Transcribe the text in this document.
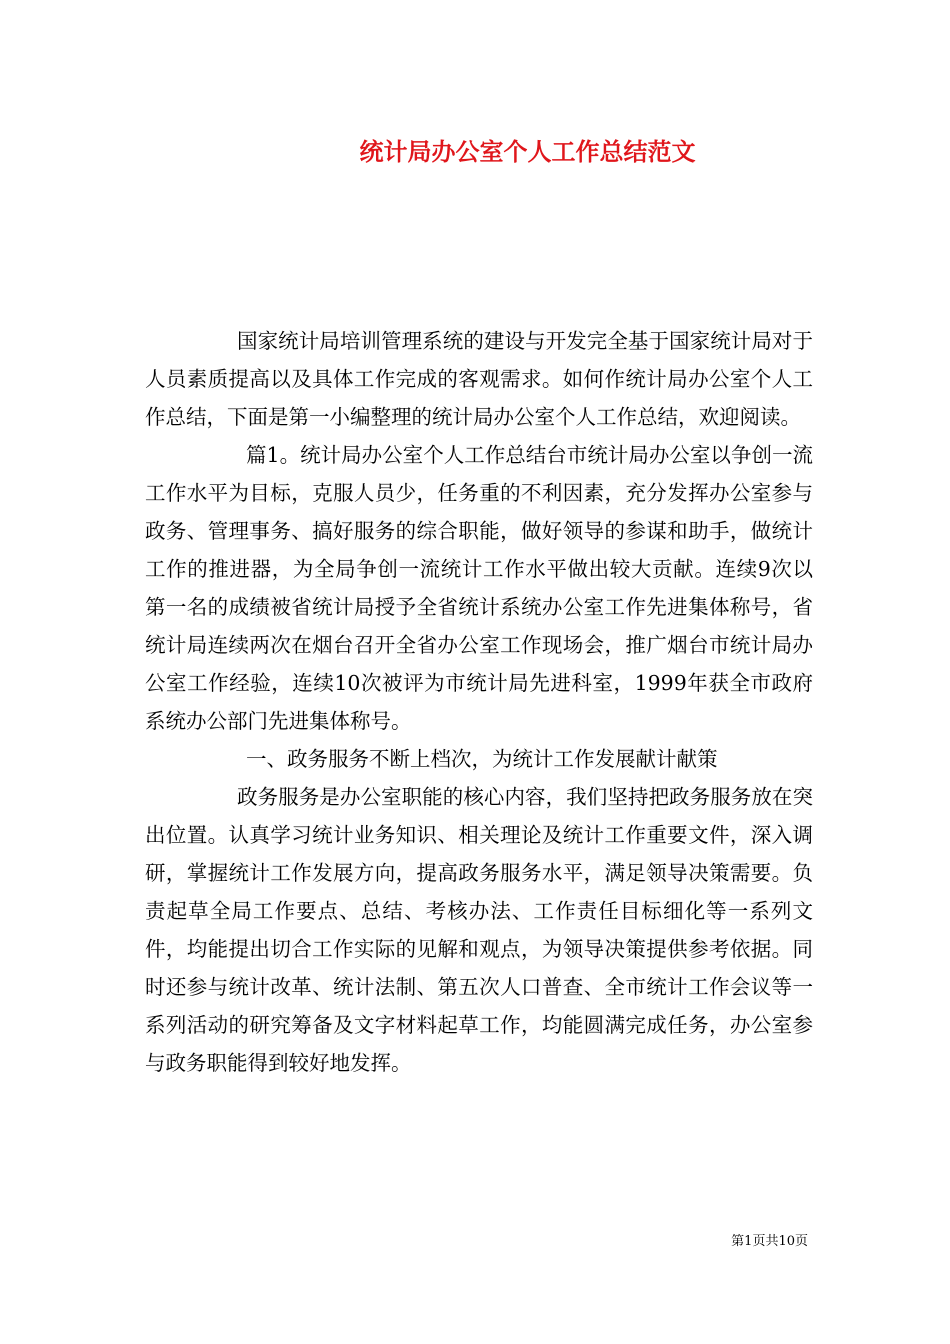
统计局办公室个人工作总结范文

国家统计局培训管理系统的建设与开发完全基于国家统计局对于人员素质提高以及具体工作完成的客观需求。如何作统计局办公室个人工作总结，下面是第一小编整理的统计局办公室个人工作总结，欢迎阅读。

篇1。统计局办公室个人工作总结台市统计局办公室以争创一流工作水平为目标，克服人员少，任务重的不利因素，充分发挥办公室参与政务、管理事务、搞好服务的综合职能，做好领导的参谋和助手，做统计工作的推进器，为全局争创一流统计工作水平做出较大贡献。连续9次以第一名的成绩被省统计局授予全省统计系统办公室工作先进集体称号，省统计局连续两次在烟台召开全省办公室工作现场会，推广烟台市统计局办公室工作经验，连续10次被评为市统计局先进科室，1999年获全市政府系统办公部门先进集体称号。

一、政务服务不断上档次，为统计工作发展献计献策

政务服务是办公室职能的核心内容，我们坚持把政务服务放在突出位置。认真学习统计业务知识、相关理论及统计工作重要文件，深入调研，掌握统计工作发展方向，提高政务服务水平，满足领导决策需要。负责起草全局工作要点、总结、考核办法、工作责任目标细化等一系列文件，均能提出切合工作实际的见解和观点，为领导决策提供参考依据。同时还参与统计改革、统计法制、第五次人口普查、全市统计工作会议等一系列活动的研究筹备及文字材料起草工作，均能圆满完成任务，办公室参与政务职能得到较好地发挥。

第1页共10页
